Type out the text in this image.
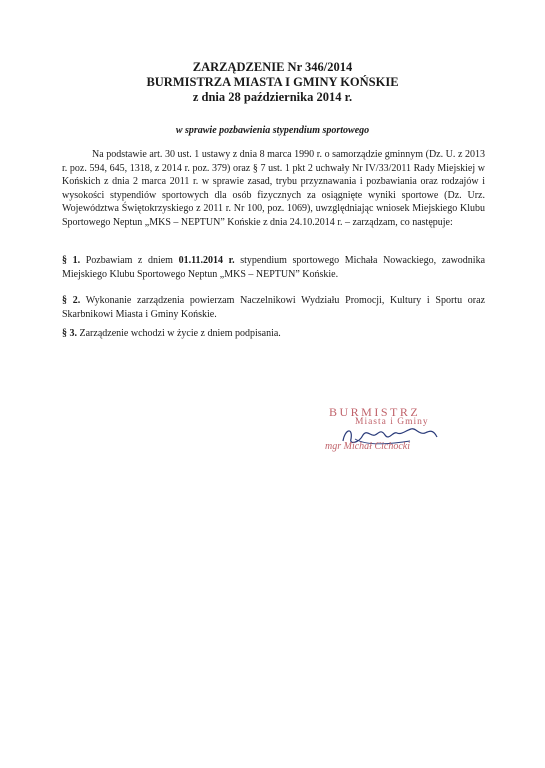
ZARZĄDZENIE Nr 346/2014
BURMISTRZA MIASTA I GMINY KOŃSKIE
z dnia 28 października 2014 r.
w sprawie pozbawienia stypendium sportowego
Na podstawie art. 30 ust. 1 ustawy z dnia 8 marca 1990 r. o samorządzie gminnym (Dz. U. z 2013 r. poz. 594, 645, 1318, z 2014 r. poz. 379) oraz § 7 ust. 1 pkt 2 uchwały Nr IV/33/2011 Rady Miejskiej w Końskich z dnia 2 marca 2011 r. w sprawie zasad, trybu przyznawania i pozbawiania oraz rodzajów i wysokości stypendiów sportowych dla osób fizycznych za osiągnięte wyniki sportowe (Dz. Urz. Województwa Świętokrzyskiego z 2011 r. Nr 100, poz. 1069), uwzględniając wniosek Miejskiego Klubu Sportowego Neptun „MKS – NEPTUN” Końskie z dnia 24.10.2014 r. – zarządzam, co następuje:
§ 1. Pozbawiam z dniem 01.11.2014 r. stypendium sportowego Michała Nowackiego, zawodnika Miejskiego Klubu Sportowego Neptun „MKS – NEPTUN” Końskie.
§ 2. Wykonanie zarządzenia powierzam Naczelnikowi Wydziału Promocji, Kultury i Sportu oraz Skarbnikowi Miasta i Gminy Końskie.
§ 3. Zarządzenie wchodzi w życie z dniem podpisania.
BURMISTRZ
Miasta i Gminy
mgr Michał Cichocki
